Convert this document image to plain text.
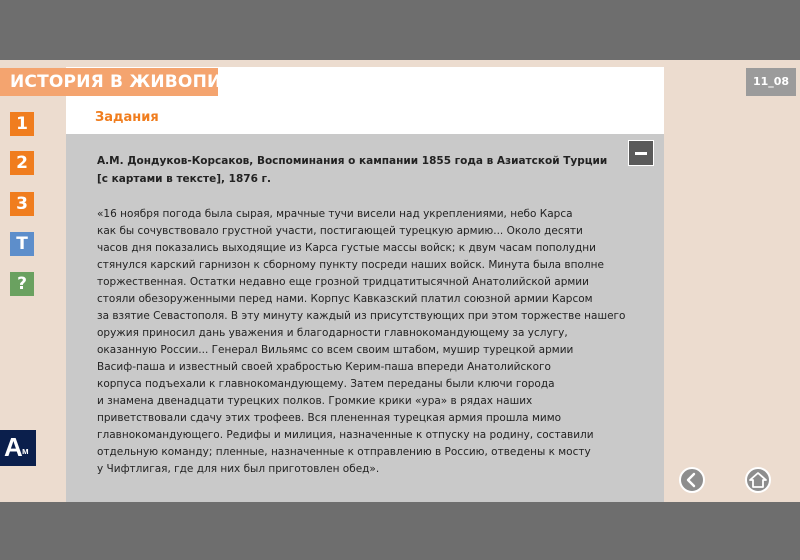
Задания
ИСТОРИЯ В ЖИВОПИСИ	11_08
1
2
3
Т
?
А.М. Дондуков-Корсаков, Воспоминания о кампании 1855 года в Азиатской Турции
[с картами в тексте], 1876 г.
«16 ноября погода была сырая, мрачные тучи висели над укреплениями, небо Карса
как бы сочувствовало грустной участи, постигающей турецкую армию... Около десяти
часов дня показались выходящие из Карса густые массы войск; к двум часам пополудни
стянулся карский гарнизон к сборному пункту посреди наших войск. Минута была вполне
торжественная. Остатки недавно еще грозной тридцатитысячной Анатолийской армии
стояли обезоруженными перед нами. Корпус Кавказский платил союзной армии Карсом
за взятие Севастополя. В эту минуту каждый из присутствующих при этом торжестве нашего
оружия приносил дань уважения и благодарности главнокомандующему за услугу,
оказанную России... Генерал Вильямс со всем своим штабом, мушир турецкой армии
Васиф-паша и известный своей храбростью Керим-паша впереди Анатолийского
корпуса подъехали к главнокомандующему. Затем переданы были ключи города
и знамена двенадцати турецких полков. Громкие крики «ура» в рядах наших
приветствовали сдачу этих трофеев. Вся плененная турецкая армия прошла мимо
главнокомандующего. Редифы и милиция, назначенные к отпуску на родину, составили
отдельную команду; пленные, назначенные к отправлению в Россию, отведены к мосту
у Чифтлигая, где для них был приготовлен обед».
А м
